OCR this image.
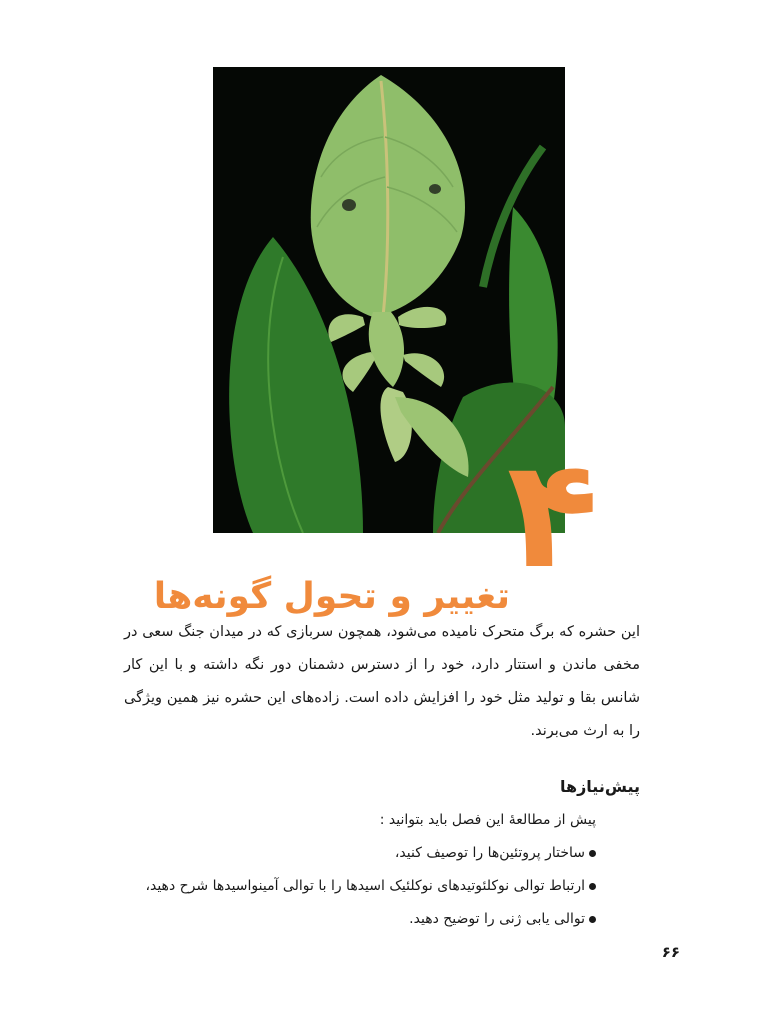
۴
تغییر و تحول گونه‌ها

این حشره که برگ متحرک نامیده می‌شود، همچون سربازی که در میدان جنگ سعی در مخفی ماندن و استتار دارد، خود را از دسترس دشمنان دور نگه داشته و با این کار شانس بقا و تولید مثل خود را افزایش داده است. زاده‌های این حشره نیز همین ویژگی را به ارث می‌برند.

پیش‌نیازها

پیش از مطالعهٔ این فصل باید بتوانید :

ساختار پروتئین‌ها را توصیف کنید،
ارتباط توالی نوکلئوتیدهای نوکلئیک اسیدها را با توالی آمینواسیدها شرح دهید،
توالی یابی ژنی را توضیح دهید.
۶۶
